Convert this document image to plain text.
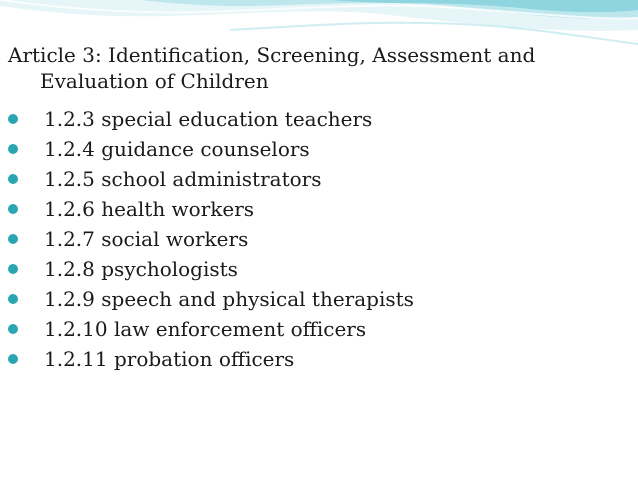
Article 3: Identification, Screening, Assessment and Evaluation of Children

1.2.3 special education teachers
1.2.4 guidance counselors
1.2.5 school administrators
1.2.6 health workers
1.2.7 social workers
1.2.8 psychologists
1.2.9 speech and physical therapists
1.2.10 law enforcement officers
1.2.11 probation officers
